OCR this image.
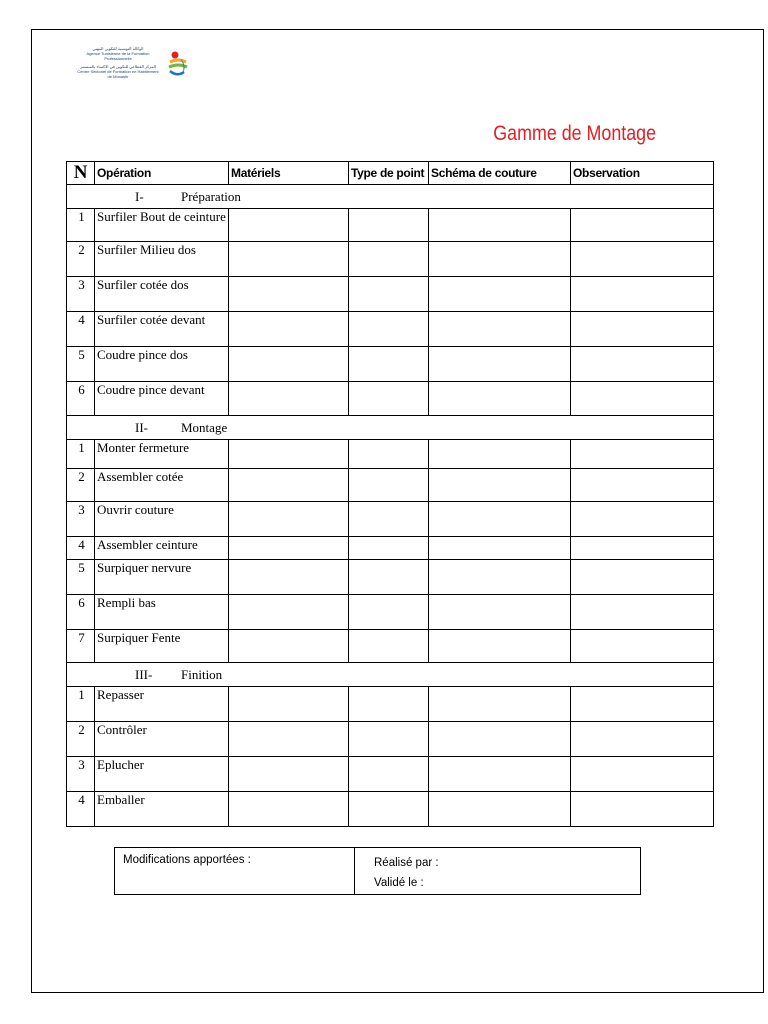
الوكالة التونسية للتكوين المهني
Agence Tunisienne de la Formation
Professionnelle
المركز القطاعي للتكوين في الاكساء بالمنستير
Centre Sectoriel de Formation en Habillement
de Monastir
Gamme de Montage
N	Opération	Matériels	Type de point	Schéma de couture	Observation
I- Préparation					
1	Surfiler Bout de ceinture				
2	Surfiler Milieu dos				
3	Surfiler cotée dos				
4	Surfiler cotée devant				
5	Coudre pince dos				
6	Coudre pince devant				
II- Montage					
1	Monter fermeture				
2	Assembler cotée				
3	Ouvrir couture				
4	Assembler ceinture				
5	Surpiquer nervure				
6	Rempli bas				
7	Surpiquer Fente				
III- Finition					
1	Repasser				
2	Contrôler				
3	Eplucher				
4	Emballer				
Modifications apportées :	Réalisé par :
Validé le :
